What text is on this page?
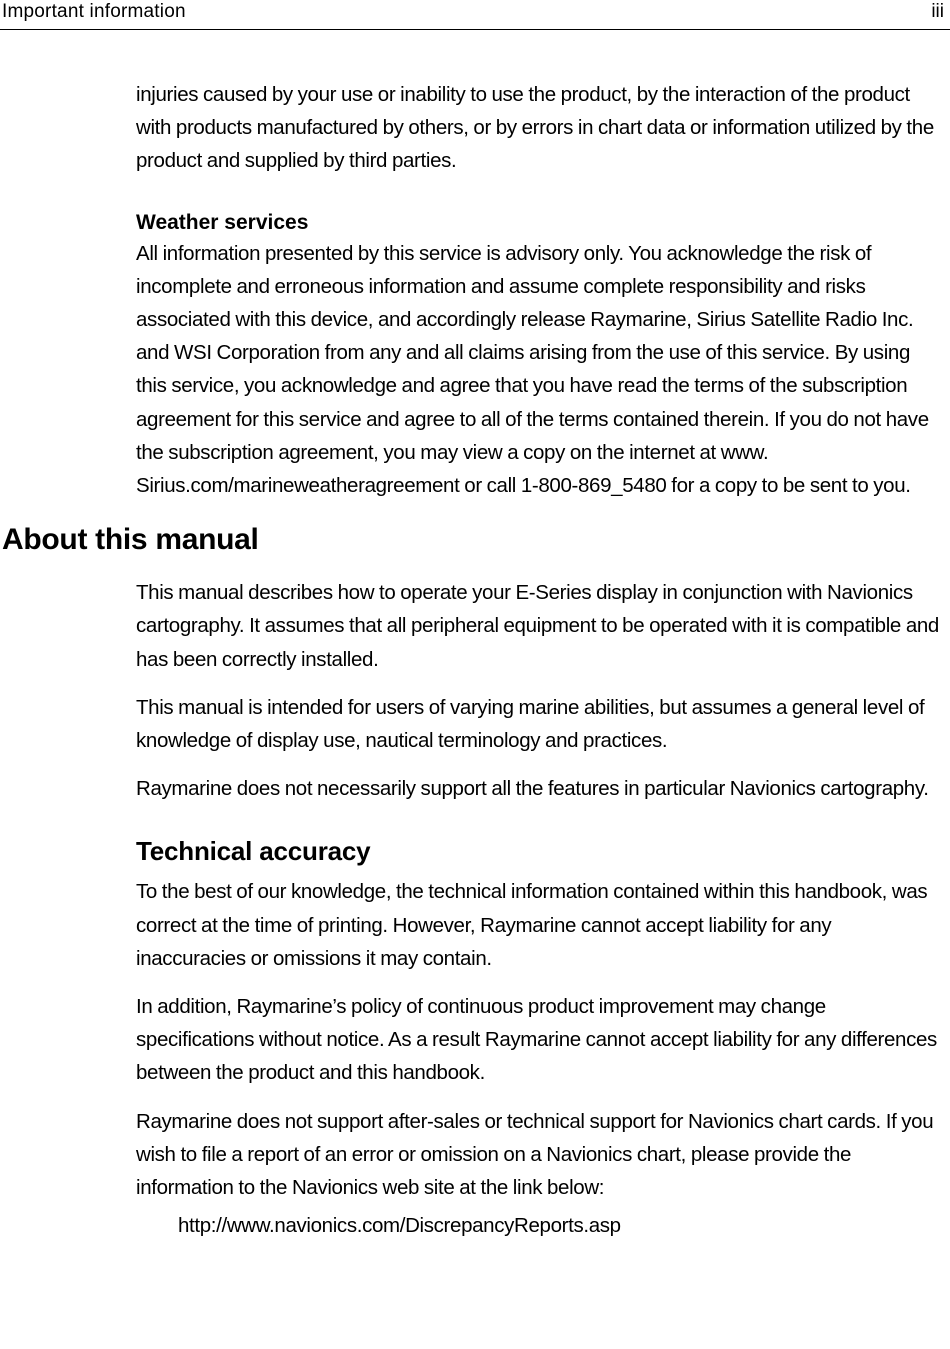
Important information	iii

injuries caused by your use or inability to use the product, by the interaction of the product with products manufactured by others, or by errors in chart data or information utilized by the product and supplied by third parties.

Weather services

All information presented by this service is advisory only. You acknowledge the risk of incomplete and erroneous information and assume complete responsibility and risks associated with this device, and accordingly release Raymarine, Sirius Satellite Radio Inc. and WSI Corporation from any and all claims arising from the use of this service. By using this service, you acknowledge and agree that you have read the terms of the subscription agreement for this service and agree to all of the terms contained therein. If you do not have the subscription agreement, you may view a copy on the internet at www. Sirius.com/marineweatheragreement or call 1-800-869_5480 for a copy to be sent to you.

About this manual

This manual describes how to operate your E-Series display in conjunction with Navionics cartography. It assumes that all peripheral equipment to be operated with it is compatible and has been correctly installed.

This manual is intended for users of varying marine abilities, but assumes a general level of knowledge of display use, nautical terminology and practices.

Raymarine does not necessarily support all the features in particular Navionics cartography.

Technical accuracy

To the best of our knowledge, the technical information contained within this handbook, was correct at the time of printing. However, Raymarine cannot accept liability for any inaccuracies or omissions it may contain.

In addition, Raymarine’s policy of continuous product improvement may change specifications without notice. As a result Raymarine cannot accept liability for any differences between the product and this handbook.

Raymarine does not support after-sales or technical support for Navionics chart cards. If you wish to file a report of an error or omission on a Navionics chart, please provide the information to the Navionics web site at the link below:

http://www.navionics.com/DiscrepancyReports.asp
